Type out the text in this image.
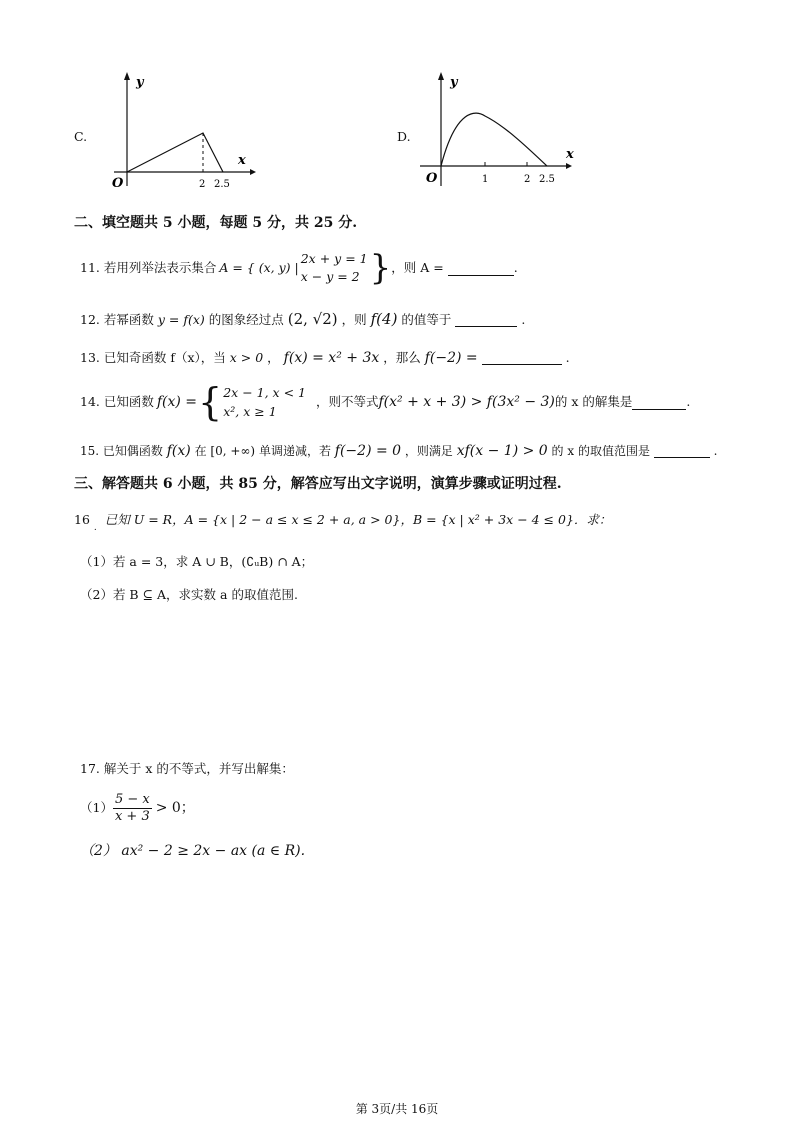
C.
y
x
O	2 2.5
D.
y
x
O	1	2 2.5
二、填空题共 5 小题，每题 5 分，共 25 分.
11. 若用列举法表示集合 A = { (x, y) |
2x + y = 1
x − y = 2 } ，则 A =	.
12. 若幂函数 y = f(x) 的图象经过点 (2, √2) ，则 f(4) 的值等于	.
13. 已知奇函数 f（x），当 x > 0 ， f(x) = x² + 3x ，那么 f(−2) =	.
14. 已知函数 f(x) = { 2x − 1, x < 1
x², x ≥ 1
，则不等式 f(x² + x + 3) > f(3x² − 3) 的 x 的解集是	.
15. 已知偶函数 f(x) 在 [0, +∞) 单调递减，若 f(−2) = 0 ，则满足 xf(x − 1) > 0 的 x 的取值范围是	.
三、解答题共 6 小题，共 85 分，解答应写出文字说明，演算步骤或证明过程.
16 $_.$ 已知 U = R，A = {x | 2 − a ≤ x ≤ 2 + a, a > 0}，B = {x | x² + 3x − 4 ≤ 0}．求：
（1）若 a = 3，求 A ∪ B，(∁ᵤB) ∩ A；
（2）若 B ⊆ A，求实数 a 的取值范围.
17. 解关于 x 的不等式，并写出解集：
$(1) \frac{5 - x}{x + 3} > 0$；
（2） ax² − 2 ≥ 2x − ax (a ∈ R).
第 3页/共 16页
